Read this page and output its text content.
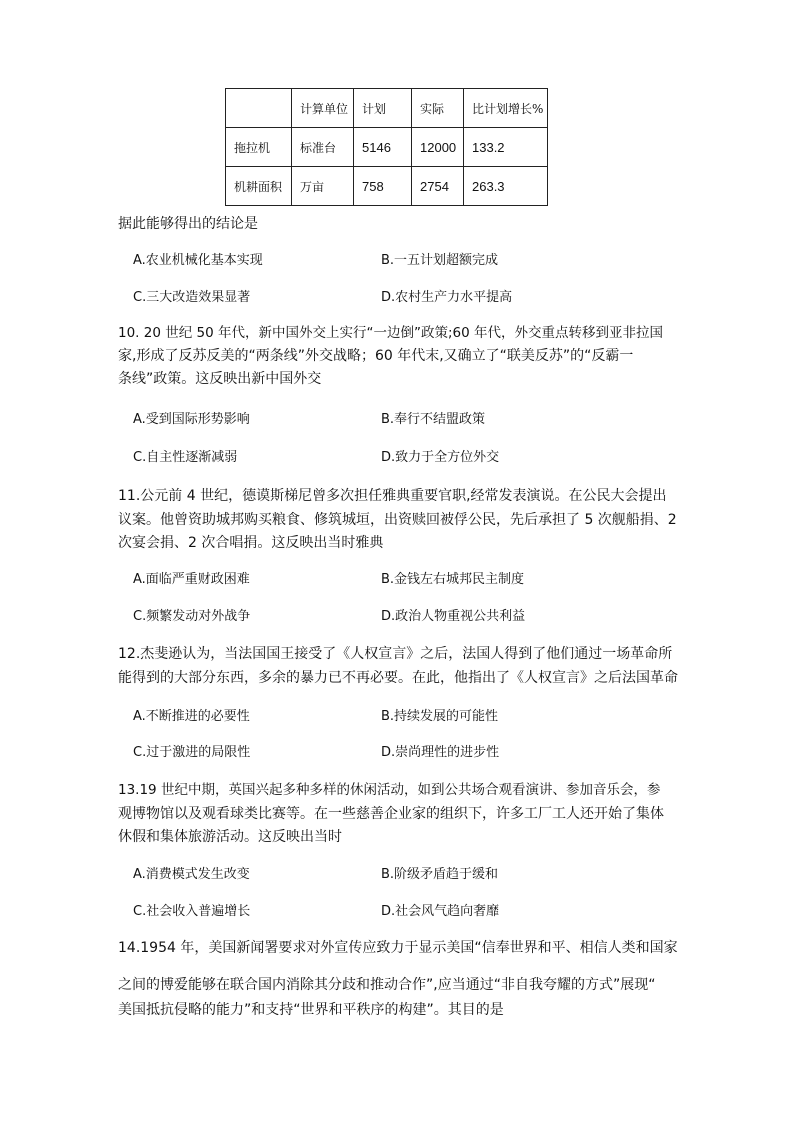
	计算单位	计划	实际	比计划增长%
拖拉机	标准台	5146	12000	133.2
机耕面积	万亩	758	2754	263.3
据此能够得出的结论是
A.农业机械化基本实现	B.一五计划超额完成
C.三大改造效果显著	D.农村生产力水平提高
10. 20 世纪 50 年代，新中国外交上实行“一边倒”政策;60 年代，外交重点转移到亚非拉国
家,形成了反苏反美的“两条线”外交战略；60 年代末,又确立了“联美反苏”的“反霸一
条线”政策。这反映出新中国外交
A.受到国际形势影响	B.奉行不结盟政策
C.自主性逐渐减弱	D.致力于全方位外交
11.公元前 4 世纪，德谟斯梯尼曾多次担任雅典重要官职,经常发表演说。在公民大会提出
议案。他曾资助城邦购买粮食、修筑城垣，出资赎回被俘公民，先后承担了 5 次舰船捐、2
次宴会捐、2 次合唱捐。这反映出当时雅典
A.面临严重财政困难	B.金钱左右城邦民主制度
C.频繁发动对外战争	D.政治人物重视公共利益
12.杰斐逊认为，当法国国王接受了《人权宣言》之后，法国人得到了他们通过一场革命所
能得到的大部分东西，多余的暴力已不再必要。在此，他指出了《人权宣言》之后法国革命
A.不断推进的必要性	B.持续发展的可能性
C.过于激进的局限性	D.崇尚理性的进步性
13.19 世纪中期，英国兴起多种多样的休闲活动，如到公共场合观看演讲、参加音乐会，参
观博物馆以及观看球类比赛等。在一些慈善企业家的组织下，许多工厂工人还开始了集体
休假和集体旅游活动。这反映出当时
A.消费模式发生改变	B.阶级矛盾趋于缓和
C.社会收入普遍增长	D.社会风气趋向奢靡
14.1954 年，美国新闻署要求对外宣传应致力于显示美国“信奉世界和平、相信人类和国家
之间的博爱能够在联合国内消除其分歧和推动合作”,应当通过“非自我夸耀的方式”展现“
美国抵抗侵略的能力”和支持“世界和平秩序的构建”。其目的是
